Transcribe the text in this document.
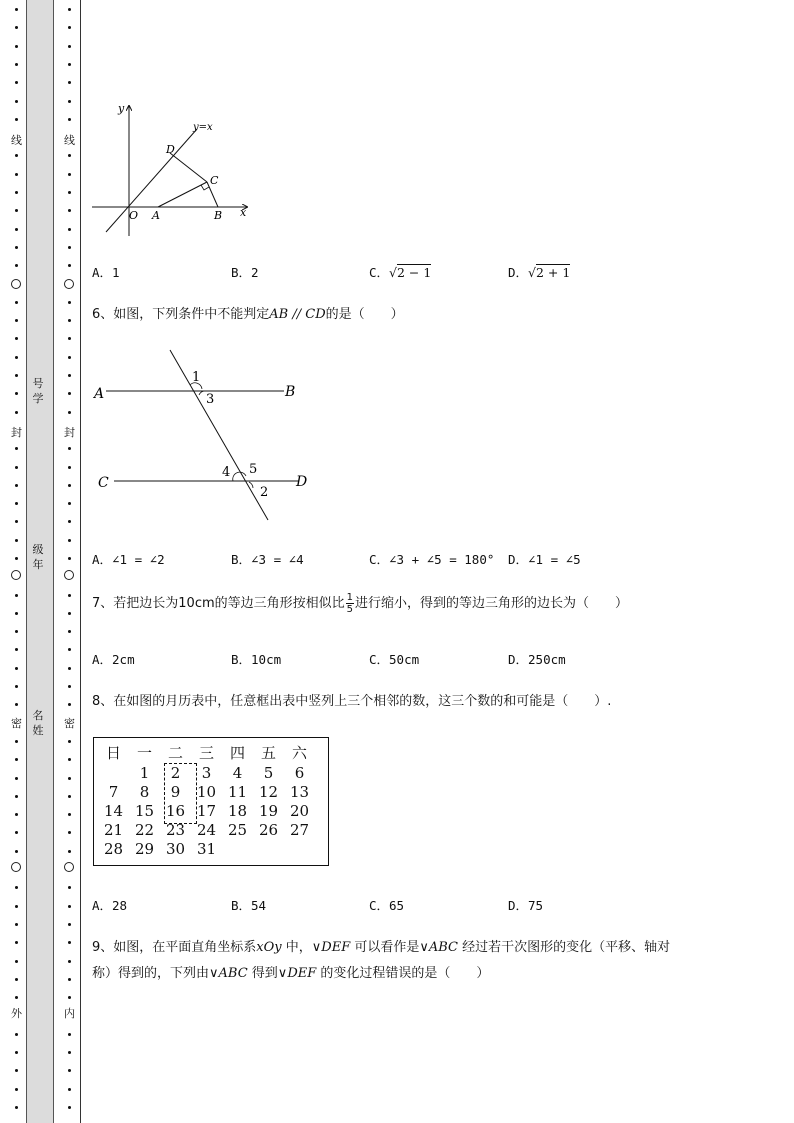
号学
级年
名姓
线
封
密
外
线
封
密
内
y
x
y=x
D
C
O A	B
A．1	B．2	C．√2 − 1	D．√2 + 1
6、如图，下列条件中不能判定AB // CD的是（　　）
A	B
C	D
1
3
4 5
2
A．∠1 = ∠2	B．∠3 = ∠4	C．∠3 + ∠5 = 180° D．∠1 = ∠5
7、若把边长为10cm的等边三角形按相似比 $\frac{1}{5}$ 进行缩小，得到的等边三角形的边长为（　　）
A．2cm	B．10cm	C．50cm	D．250cm
8、在如图的月历表中，任意框出表中竖列上三个相邻的数，这三个数的和可能是（　　）.
日	一	二	三	四	五	六
	1	2	3	4	5	6
7	8	9	10	11	12	13
14	15	16	17	18	19	20
21	22	23	24	25	26	27
28	29	30	31			
A．28	B．54	C．65	D．75
9、如图，在平面直角坐标系xOy 中，∨DEF 可以看作是∨ABC 经过若干次图形的变化（平移、轴对
称）得到的，下列由∨ABC 得到∨DEF 的变化过程错误的是（　　）
